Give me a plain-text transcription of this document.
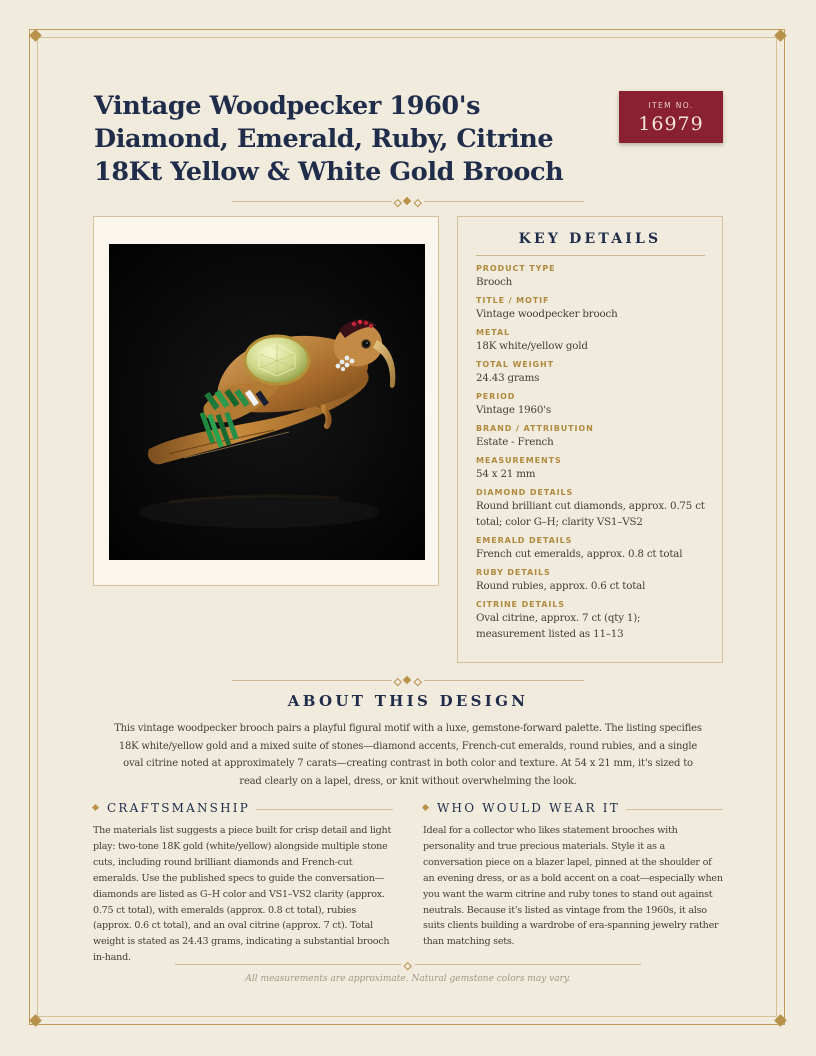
Vintage Woodpecker 1960's Diamond, Emerald, Ruby, Citrine 18Kt Yellow & White Gold Brooch
ITEM NO.
16979
KEY DETAILS
PRODUCT TYPE
Brooch
TITLE / MOTIF
Vintage woodpecker brooch
METAL
18K white/yellow gold
TOTAL WEIGHT
24.43 grams
PERIOD
Vintage 1960's
BRAND / ATTRIBUTION
Estate - French
MEASUREMENTS
54 x 21 mm
DIAMOND DETAILS
Round brilliant cut diamonds, approx. 0.75 ct total; color G–H; clarity VS1–VS2
EMERALD DETAILS
French cut emeralds, approx. 0.8 ct total
RUBY DETAILS
Round rubies, approx. 0.6 ct total
CITRINE DETAILS
Oval citrine, approx. 7 ct (qty 1); measurement listed as 11–13
ABOUT THIS DESIGN

This vintage woodpecker brooch pairs a playful figural motif with a luxe, gemstone-forward palette. The listing specifies 18K white/yellow gold and a mixed suite of stones—diamond accents, French-cut emeralds, round rubies, and a single oval citrine noted at approximately 7 carats—creating contrast in both color and texture. At 54 x 21 mm, it's sized to read clearly on a lapel, dress, or knit without overwhelming the look.

CRAFTSMANSHIP

The materials list suggests a piece built for crisp detail and light play: two-tone 18K gold (white/yellow) alongside multiple stone cuts, including round brilliant diamonds and French-cut emeralds. Use the published specs to guide the conversation—diamonds are listed as G–H color and VS1–VS2 clarity (approx. 0.75 ct total), with emeralds (approx. 0.8 ct total), rubies (approx. 0.6 ct total), and an oval citrine (approx. 7 ct). Total weight is stated as 24.43 grams, indicating a substantial brooch in-hand.

WHO WOULD WEAR IT

Ideal for a collector who likes statement brooches with personality and true precious materials. Style it as a conversation piece on a blazer lapel, pinned at the shoulder of an evening dress, or as a bold accent on a coat—especially when you want the warm citrine and ruby tones to stand out against neutrals. Because it's listed as vintage from the 1960s, it also suits clients building a wardrobe of era-spanning jewelry rather than matching sets.

All measurements are approximate. Natural gemstone colors may vary.
